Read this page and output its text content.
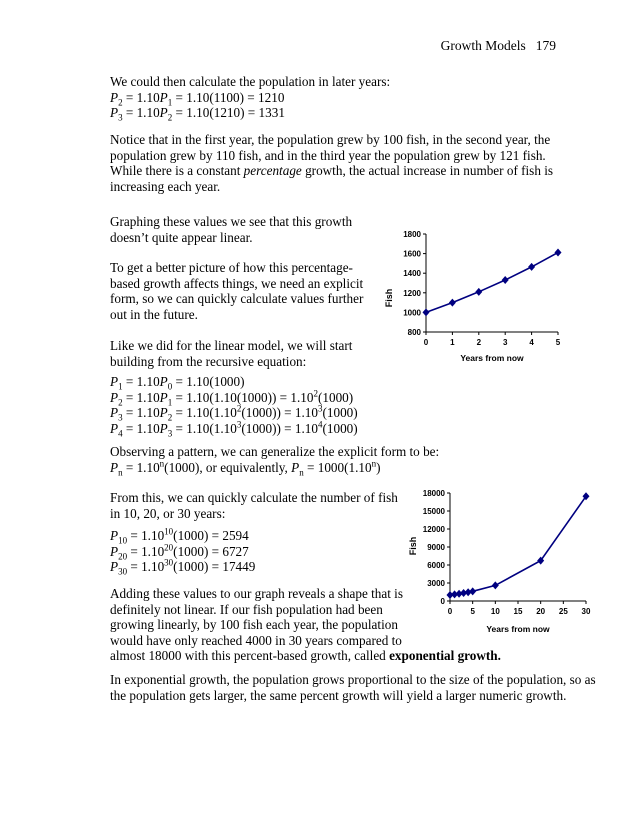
Growth Models 179

We could then calculate the population in later years:

$P_2 = 1.10P_1 = 1.10(1100) = 1210$

$P_3 = 1.10P_2 = 1.10(1210) = 1331$

Notice that in the first year, the population grew by 100 fish, in the second year, the

population grew by 110 fish, and in the third year the population grew by 121 fish.

While there is a constant percentage growth, the actual increase in number of fish is

increasing each year.

Graphing these values we see that this growth

doesn’t quite appear linear.

To get a better picture of how this percentage-

based growth affects things, we need an explicit

form, so we can quickly calculate values further

out in the future.

Like we did for the linear model, we will start

building from the recursive equation:

$P_1 = 1.10P_0 = 1.10(1000)$

$P_2 = 1.10P_1 = 1.10(1.10(1000)) = 1.10^2(1000)$

$P_3 = 1.10P_2 = 1.10(1.10^2(1000)) = 1.10^3(1000)$

$P_4 = 1.10P_3 = 1.10(1.10^3(1000)) = 1.10^4(1000)$

Observing a pattern, we can generalize the explicit form to be:

$P_n = 1.10^n(1000)$, or equivalently, $P_n = 1000(1.10^n)$

From this, we can quickly calculate the number of fish

in 10, 20, or 30 years:

$P_{10} = 1.10^{10}(1000) = 2594$

$P_{20} = 1.10^{20}(1000) = 6727$

$P_{30} = 1.10^{30}(1000) = 17449$

Adding these values to our graph reveals a shape that is

definitely not linear. If our fish population had been

growing linearly, by 100 fish each year, the population

would have only reached 4000 in 30 years compared to

almost 18000 with this percent-based growth, called exponential growth.

In exponential growth, the population grows proportional to the size of the population, so as

the population gets larger, the same percent growth will yield a larger numeric growth.

Fish
800
1000
1200
1400
1600
1800
0	1	2	3	4	5
Years from now
Fish
0
3000
6000
9000
12000
15000
18000
0 5 10 15 20 25 30
Years from now
